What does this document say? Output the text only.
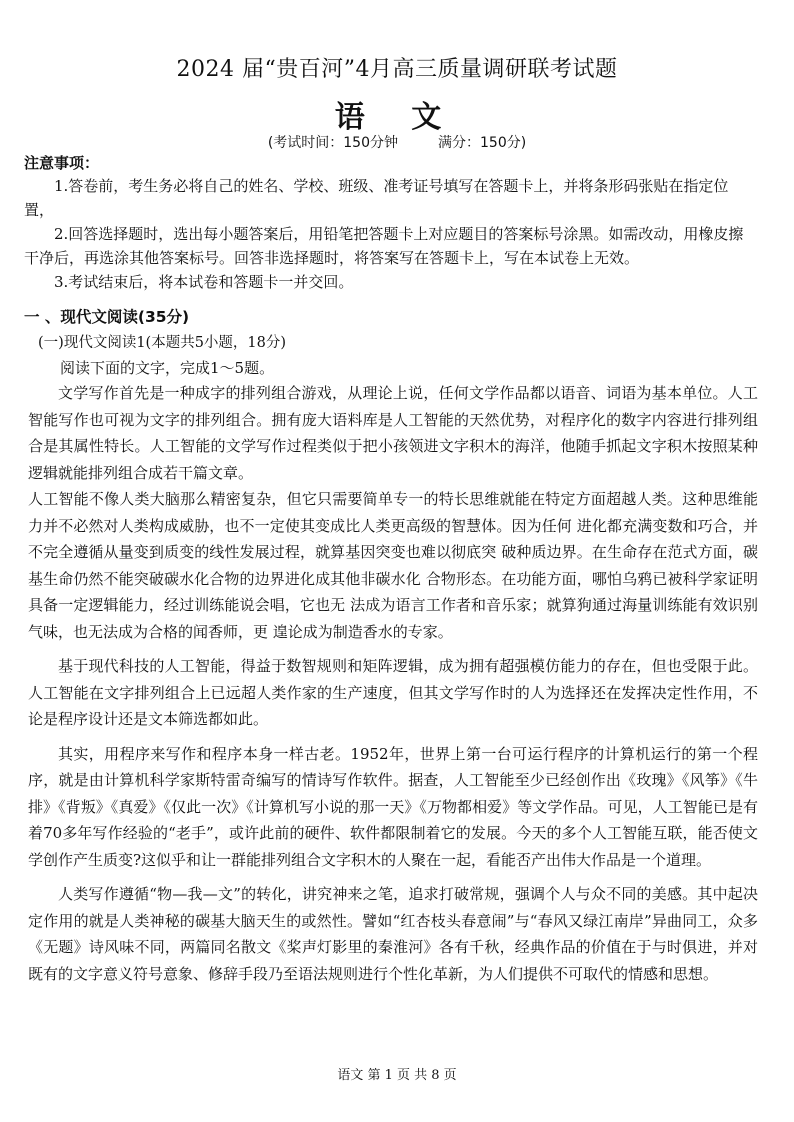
2024 届“贵百河”4月高三质量调研联考试题
语 文

(考试时间：150分钟	满分：150分)

注意事项：

1.答卷前，考生务必将自己的姓名、学校、班级、准考证号填写在答题卡上，并将条形码张贴在指定位置，

2.回答选择题时，选出每小题答案后，用铅笔把答题卡上对应题目的答案标号涂黑。如需改动，用橡皮擦干净后，再选涂其他答案标号。回答非选择题时，将答案写在答题卡上，写在本试卷上无效。

3.考试结束后，将本试卷和答题卡一并交回。

一 、现代文阅读(35分)

(一)现代文阅读1(本题共5小题，18分)

阅读下面的文字，完成1～5题。

文学写作首先是一种成字的排列组合游戏，从理论上说，任何文学作品都以语音、词语为基本单位。人工智能写作也可视为文字的排列组合。拥有庞大语料库是人工智能的天然优势，对程序化的数字内容进行排列组合是其属性特长。人工智能的文学写作过程类似于把小孩领进文字积木的海洋，他随手抓起文字积木按照某种逻辑就能排列组合成若干篇文章。

人工智能不像人类大脑那么精密复杂，但它只需要简单专一的特长思维就能在特定方面超越人类。这种思维能力并不必然对人类构成威胁，也不一定使其变成比人类更高级的智慧体。因为任何 进化都充满变数和巧合，并不完全遵循从量变到质变的线性发展过程，就算基因突变也难以彻底突 破种质边界。在生命存在范式方面，碳基生命仍然不能突破碳水化合物的边界进化成其他非碳水化 合物形态。在功能方面，哪怕乌鸦已被科学家证明具备一定逻辑能力，经过训练能说会唱，它也无 法成为语言工作者和音乐家；就算狗通过海量训练能有效识别气味，也无法成为合格的闻香师，更 遑论成为制造香水的专家。

基于现代科技的人工智能，得益于数智规则和矩阵逻辑，成为拥有超强模仿能力的存在，但也受限于此。人工智能在文字排列组合上已远超人类作家的生产速度，但其文学写作时的人为选择还在发挥决定性作用，不论是程序设计还是文本筛选都如此。

其实，用程序来写作和程序本身一样古老。1952年，世界上第一台可运行程序的计算机运行的第一个程序，就是由计算机科学家斯特雷奇编写的情诗写作软件。据查，人工智能至少已经创作出《玫瑰》《风筝》《牛排》《背叛》《真爱》《仅此一次》《计算机写小说的那一天》《万物都相爱》等文学作品。可见，人工智能已是有着70多年写作经验的“老手”，或许此前的硬件、软件都限制着它的发展。今天的多个人工智能互联，能否使文学创作产生质变?这似乎和让一群能排列组合文字积木的人聚在一起，看能否产出伟大作品是一个道理。

人类写作遵循“物—我—文”的转化，讲究神来之笔，追求打破常规，强调个人与众不同的美感。其中起决定作用的就是人类神秘的碳基大脑天生的或然性。譬如“红杏枝头春意闹”与“春风又绿江南岸”异曲同工，众多《无题》诗风味不同，两篇同名散文《桨声灯影里的秦淮河》各有千秋，经典作品的价值在于与时俱进，并对既有的文字意义符号意象、修辞手段乃至语法规则进行个性化革新，为人们提供不可取代的情感和思想。

语文 第 1 页 共 8 页
